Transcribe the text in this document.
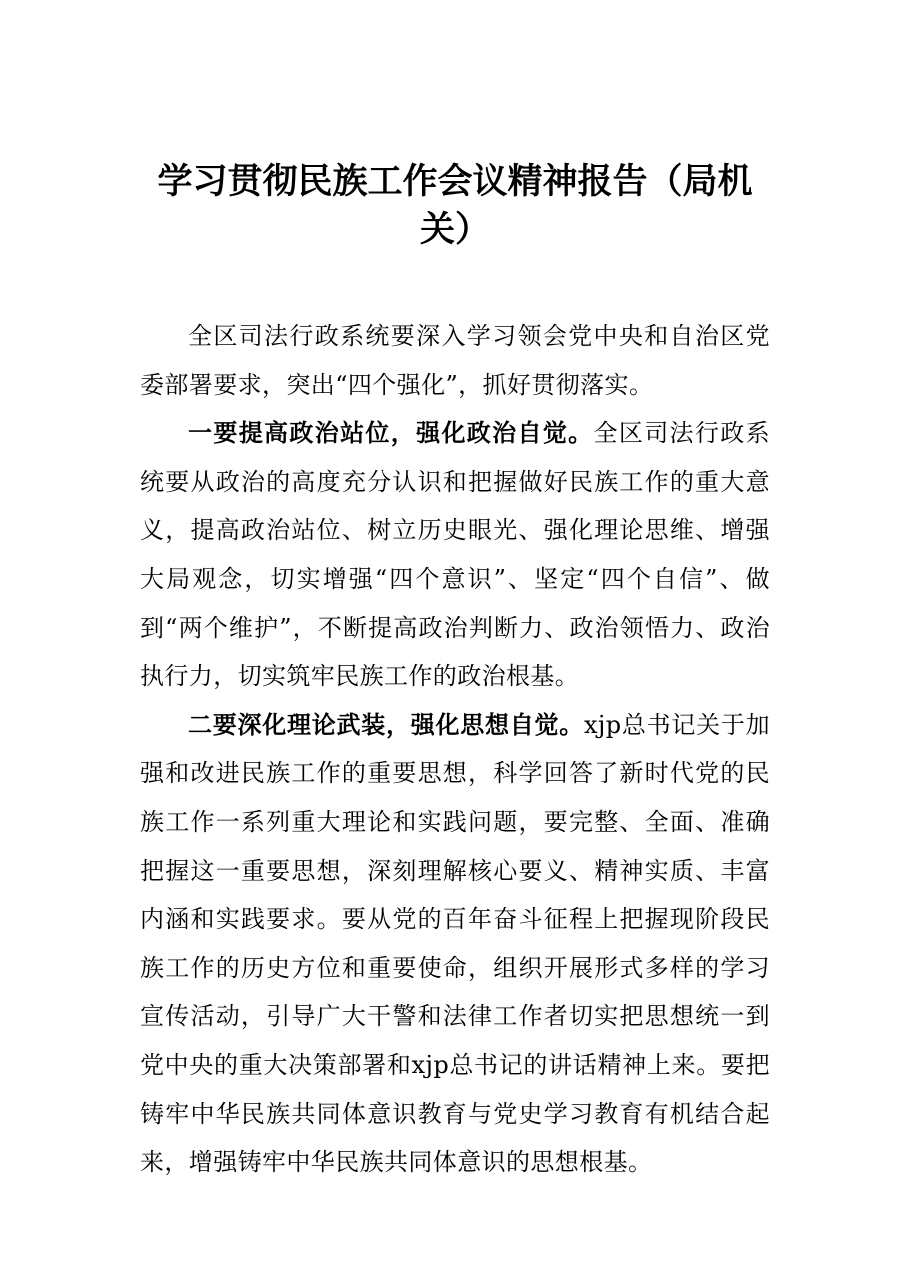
学习贯彻民族工作会议精神报告（局机关）

全区司法行政系统要深入学习领会党中央和自治区党委部署要求，突出“四个强化”，抓好贯彻落实。

一要提高政治站位，强化政治自觉。全区司法行政系统要从政治的高度充分认识和把握做好民族工作的重大意义，提高政治站位、树立历史眼光、强化理论思维、增强大局观念，切实增强“四个意识”、坚定“四个自信”、做到“两个维护”，不断提高政治判断力、政治领悟力、政治执行力，切实筑牢民族工作的政治根基。

二要深化理论武装，强化思想自觉。xjp总书记关于加强和改进民族工作的重要思想，科学回答了新时代党的民族工作一系列重大理论和实践问题，要完整、全面、准确把握这一重要思想，深刻理解核心要义、精神实质、丰富内涵和实践要求。要从党的百年奋斗征程上把握现阶段民族工作的历史方位和重要使命，组织开展形式多样的学习宣传活动，引导广大干警和法律工作者切实把思想统一到党中央的重大决策部署和xjp总书记的讲话精神上来。要把铸牢中华民族共同体意识教育与党史学习教育有机结合起来，增强铸牢中华民族共同体意识的思想根基。
